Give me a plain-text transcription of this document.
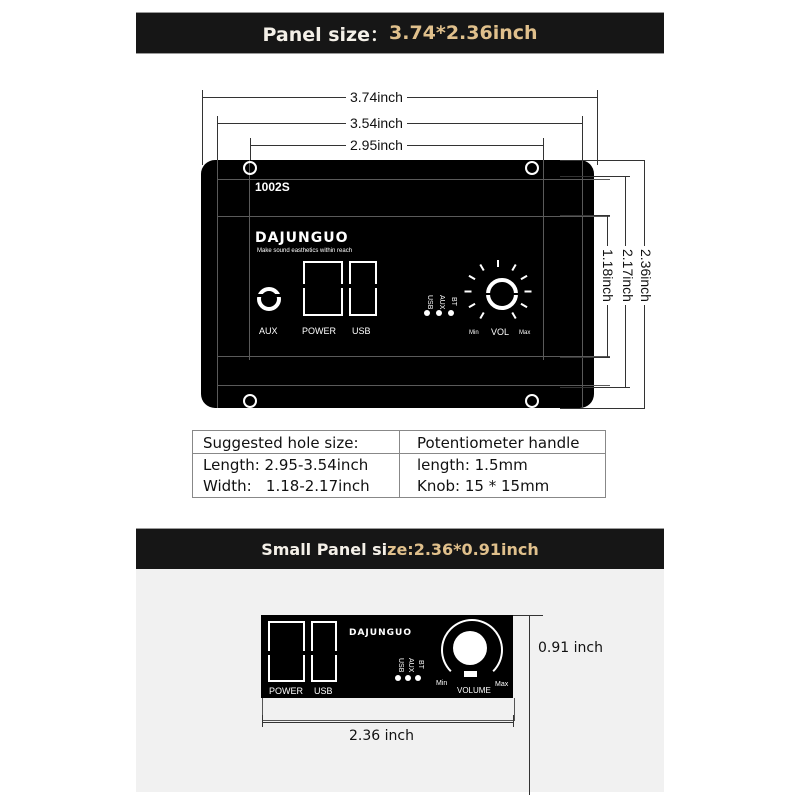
Panel size： 3.74*2.36inch
3.74inch
3.54inch
2.95inch
1002S
DAJUNGUO
Make sound easthetics within reach
AUX	POWER USB
USB AUX BT
Min VOL Max
2.36inch
2.17inch
1.18inch
Suggested hole size:
Length: 2.95-3.54inch
Width:   1.18-2.17inch
Potentiometer handle
length: 1.5mm
Knob: 15 * 15mm
Small Panel si ze:2.36*0.91inch
POWER USB
DAJUNGUO
USB AUX BT
Min
VOLUME
Max
0.91 inch
2.36 inch
